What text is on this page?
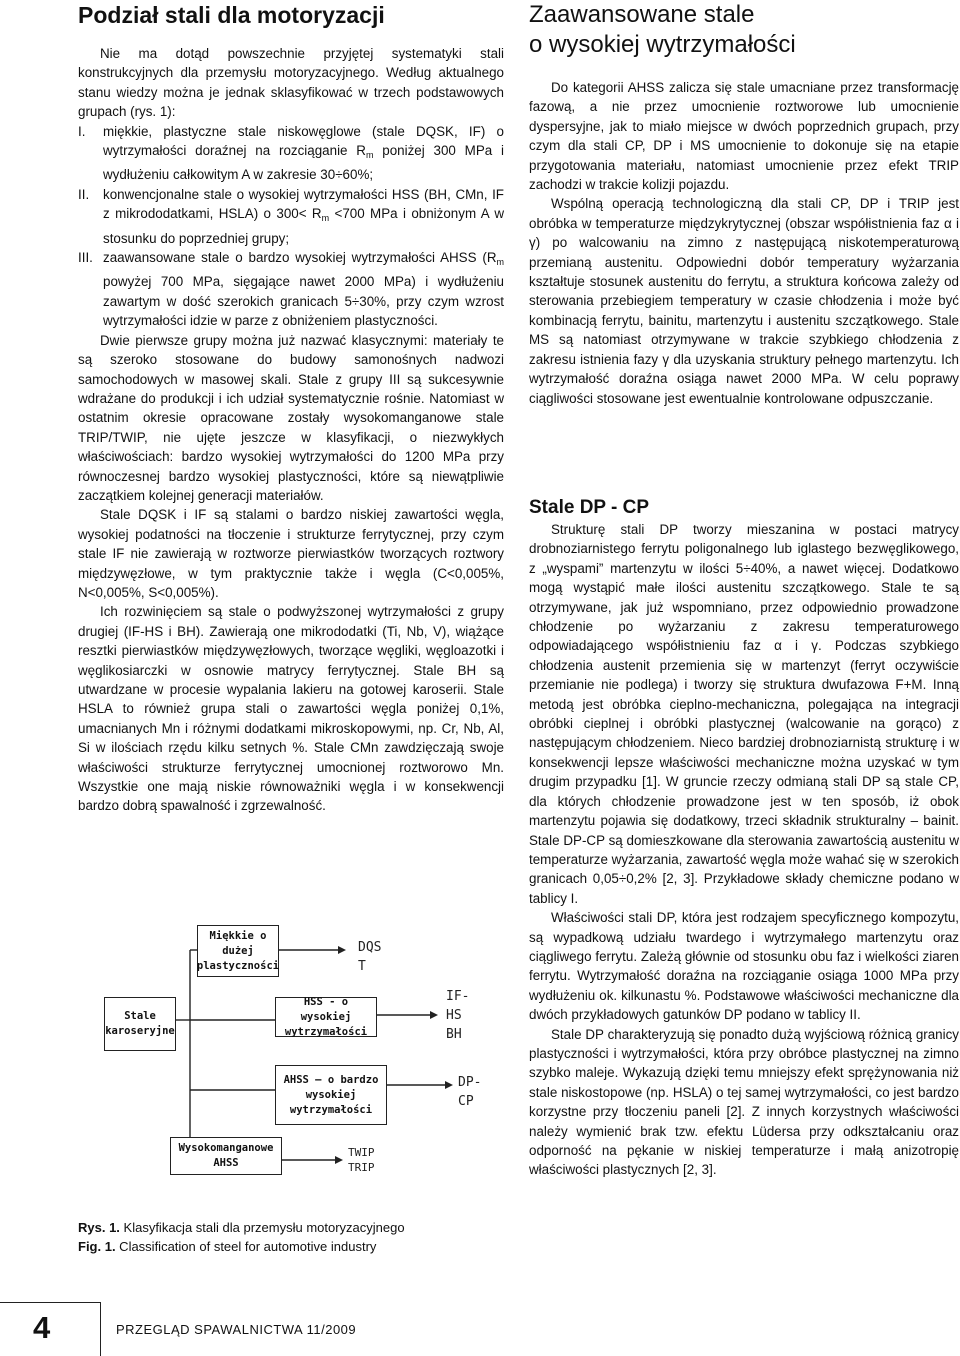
Podział stali dla motoryzacji

Nie ma dotąd powszechnie przyjętej systematyki stali konstrukcyjnych dla przemysłu motoryzacyjnego. Według aktualnego stanu wiedzy można je jednak sklasyfikować w trzech podstawowych grupach (rys. 1):

I. miękkie, plastyczne stale niskowęglowe (stale DQSK, IF) o wytrzymałości doraźnej na rozciąganie $R_m$ poniżej 300 MPa i wydłużeniu całkowitym A w zakresie 30÷60%;

II. konwencjonalne stale o wysokiej wytrzymałości HSS (BH, CMn, IF z mikrododatkami, HSLA) o $300< R_m <700$ MPa i obniżonym A w stosunku do poprzedniej grupy;

III. zaawansowane stale o bardzo wysokiej wytrzymałości AHSS ($R_m$ powyżej 700 MPa, sięgające nawet 2000 MPa) i wydłużeniu zawartym w dość szerokich granicach 5÷30%, przy czym wzrost wytrzymałości idzie w parze z obniżeniem plastyczności.

Dwie pierwsze grupy można już nazwać klasycznymi: materiały te są szeroko stosowane do budowy samonośnych nadwozi samochodowych w masowej skali. Stale z grupy III są sukcesywnie wdrażane do produkcji i ich udział systematycznie rośnie. Natomiast w ostatnim okresie opracowane zostały wysokomanganowe stale TRIP/TWIP, nie ujęte jeszcze w klasyfikacji, o niezwykłych właściwościach: bardzo wysokiej wytrzymałości do 1200 MPa przy równoczesnej bardzo wysokiej plastyczności, które są niewątpliwie zaczątkiem kolejnej generacji materiałów.

Stale DQSK i IF są stalami o bardzo niskiej zawartości węgla, wysokiej podatności na tłoczenie i strukturze ferrytycznej, przy czym stale IF nie zawierają w roztworze pierwiastków tworzących roztwory międzywęzłowe, w tym praktycznie także i węgla (C<0,005%, N<0,005%, S<0,005%).

Ich rozwinięciem są stale o podwyższonej wytrzymałości z grupy drugiej (IF-HS i BH). Zawierają one mikrododatki (Ti, Nb, V), wiążące resztki pierwiastków międzywęzłowych, tworzące węgliki, węgloazotki i węglikosiarczki w osnowie matrycy ferrytycznej. Stale BH są utwardzane w procesie wypalania lakieru na gotowej karoserii. Stale HSLA to również grupa stali o zawartości węgla poniżej 0,1%, umacnianych Mn i różnymi dodatkami mikroskopowymi, np. Cr, Nb, Al, Si w ilościach rzędu kilku setnych %. Stale CMn zawdzięczają swoje właściwości strukturze ferrytycznej umocnionej roztworowo Mn. Wszystkie one mają niskie równoważniki węgla i w konsekwencji bardzo dobrą spawalność i zgrzewalność.

Miękkie o dużej
plastyczności
Stale
karoseryjne
HSS - o wysokiej
wytrzymałości
AHSS – o bardzo
wysokiej
wytrzymałości
Wysokomanganowe
AHSS
DQS
T
IF-
HS
BH
DP-
CP
TWIP
TRIP
Rys. 1. Klasyfikacja stali dla przemysłu motoryzacyjnego
Fig. 1. Classification of steel for automotive industry
Zaawansowane stale
o wysokiej wytrzymałości

Do kategorii AHSS zalicza się stale umacniane przez transformację fazową, a nie przez umocnienie roztworowe lub umocnienie dyspersyjne, jak to miało miejsce w dwóch poprzednich grupach, przy czym dla stali CP, DP i MS umocnienie to dokonuje się na etapie przygotowania materiału, natomiast umocnienie przez efekt TRIP zachodzi w trakcie kolizji pojazdu.

Wspólną operacją technologiczną dla stali CP, DP i TRIP jest obróbka w temperaturze międzykrytycznej (obszar współistnienia faz α i γ) po walcowaniu na zimno z następującą niskotemperaturową przemianą austenitu. Odpowiedni dobór temperatury wyżarzania kształtuje stosunek austenitu do ferrytu, a struktura końcowa zależy od sterowania przebiegiem temperatury w czasie chłodzenia i może być kombinacją ferrytu, bainitu, martenzytu i austenitu szczątkowego. Stale MS są natomiast otrzymywane w trakcie szybkiego chłodzenia z zakresu istnienia fazy γ dla uzyskania struktury pełnego martenzytu. Ich wytrzymałość doraźna osiąga nawet 2000 MPa. W celu poprawy ciągliwości stosowane jest ewentualnie kontrolowane odpuszczanie.

Stale DP - CP

Strukturę stali DP tworzy mieszanina w postaci matrycy drobnoziarnistego ferrytu poligonalnego lub iglastego bezwęglikowego, z „wyspami” martenzytu w ilości 5÷40%, a nawet więcej. Dodatkowo mogą wystąpić małe ilości austenitu szczątkowego. Stale te są otrzymywane, jak już wspomniano, przez odpowiednio prowadzone chłodzenie po wyżarzaniu z zakresu temperaturowego odpowiadającego współistnieniu faz α i γ. Podczas szybkiego chłodzenia austenit przemienia się w martenzyt (ferryt oczywiście przemianie nie podlega) i tworzy się struktura dwufazowa F+M. Inną metodą jest obróbka cieplno-mechaniczna, polegająca na integracji obróbki cieplnej i obróbki plastycznej (walcowanie na gorąco) z następującym chłodzeniem. Nieco bardziej drobnoziarnistą strukturę i w konsekwencji lepsze właściwości mechaniczne można uzyskać w tym drugim przypadku [1]. W gruncie rzeczy odmianą stali DP są stale CP, dla których chłodzenie prowadzone jest w ten sposób, iż obok martenzytu pojawia się dodatkowy, trzeci składnik strukturalny – bainit. Stale DP-CP są domieszkowane dla sterowania zawartością austenitu w temperaturze wyżarzania, zawartość węgla może wahać się w szerokich granicach 0,05÷0,2% [2, 3]. Przykładowe składy chemiczne podano w tablicy I.

Właściwości stali DP, która jest rodzajem specyficznego kompozytu, są wypadkową udziału twardego i wytrzymałego martenzytu oraz ciągliwego ferrytu. Zależą głównie od stosunku obu faz i wielkości ziaren ferrytu. Wytrzymałość doraźna na rozciąganie osiąga 1000 MPa przy wydłużeniu ok. kilkunastu %. Podstawowe właściwości mechaniczne dla dwóch przykładowych gatunków DP podano w tablicy II.

Stale DP charakteryzują się ponadto dużą wyjściową różnicą granicy plastyczności i wytrzymałości, która przy obróbce plastycznej na zimno szybko maleje. Wykazują dzięki temu mniejszy efekt sprężynowania niż stale niskostopowe (np. HSLA) o tej samej wytrzymałości, co jest bardzo korzystne przy tłoczeniu paneli [2]. Z innych korzystnych właściwości należy wymienić brak tzw. efektu Lüdersa przy odkształcaniu oraz odporność na pękanie w niskiej temperaturze i małą anizotropię właściwości plastycznych [2, 3].

4	PRZEGLĄD SPAWALNICTWA 11/2009
